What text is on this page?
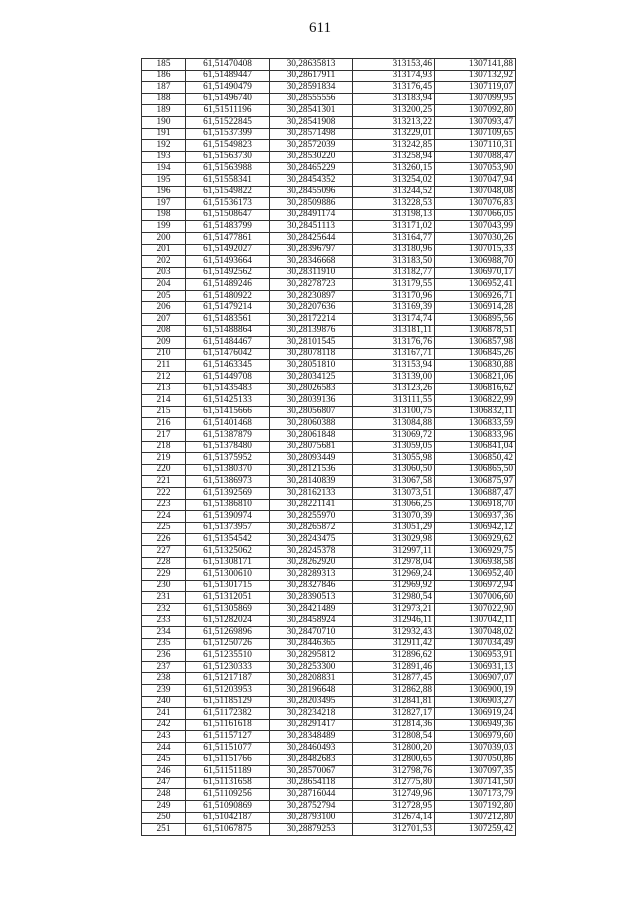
611
185	61,51470408	30,28635813	313153,46	1307141,88
186	61,51489447	30,28617911	313174,93	1307132,92
187	61,51490479	30,28591834	313176,45	1307119,07
188	61,51496740	30,28555556	313183,94	1307099,95
189	61,51511196	30,28541301	313200,25	1307092,80
190	61,51522845	30,28541908	313213,22	1307093,47
191	61,51537399	30,28571498	313229,01	1307109,65
192	61,51549823	30,28572039	313242,85	1307110,31
193	61,51563730	30,28530220	313258,94	1307088,47
194	61,51563988	30,28465229	313260,15	1307053,90
195	61,51558341	30,28454352	313254,02	1307047,94
196	61,51549822	30,28455096	313244,52	1307048,08
197	61,51536173	30,28509886	313228,53	1307076,83
198	61,51508647	30,28491174	313198,13	1307066,05
199	61,51483799	30,28451113	313171,02	1307043,99
200	61,51477861	30,28425644	313164,77	1307030,26
201	61,51492027	30,28396797	313180,96	1307015,33
202	61,51493664	30,28346668	313183,50	1306988,70
203	61,51492562	30,28311910	313182,77	1306970,17
204	61,51489246	30,28278723	313179,55	1306952,41
205	61,51480922	30,28230897	313170,96	1306926,71
206	61,51479214	30,28207636	313169,39	1306914,28
207	61,51483561	30,28172214	313174,74	1306895,56
208	61,51488864	30,28139876	313181,11	1306878,51
209	61,51484467	30,28101545	313176,76	1306857,98
210	61,51476042	30,28078118	313167,71	1306845,26
211	61,51463345	30,28051810	313153,94	1306830,88
212	61,51449708	30,28034125	313139,00	1306821,06
213	61,51435483	30,28026583	313123,26	1306816,62
214	61,51425133	30,28039136	313111,55	1306822,99
215	61,51415666	30,28056807	313100,75	1306832,11
216	61,51401468	30,28060388	313084,88	1306833,59
217	61,51387879	30,28061848	313069,72	1306833,96
218	61,51378480	30,28075681	313059,05	1306841,04
219	61,51375952	30,28093449	313055,98	1306850,42
220	61,51380370	30,28121536	313060,50	1306865,50
221	61,51386973	30,28140839	313067,58	1306875,97
222	61,51392569	30,28162133	313073,51	1306887,47
223	61,51386810	30,28221141	313066,25	1306918,70
224	61,51390974	30,28255970	313070,39	1306937,36
225	61,51373957	30,28265872	313051,29	1306942,12
226	61,51354542	30,28243475	313029,98	1306929,62
227	61,51325062	30,28245378	312997,11	1306929,75
228	61,51308171	30,28262920	312978,04	1306938,58
229	61,51300610	30,28289313	312969,24	1306952,40
230	61,51301715	30,28327846	312969,92	1306972,94
231	61,51312051	30,28390513	312980,54	1307006,60
232	61,51305869	30,28421489	312973,21	1307022,90
233	61,51282024	30,28458924	312946,11	1307042,11
234	61,51269896	30,28470710	312932,43	1307048,02
235	61,51250726	30,28446365	312911,42	1307034,49
236	61,51235510	30,28295812	312896,62	1306953,91
237	61,51230333	30,28253300	312891,46	1306931,13
238	61,51217187	30,28208831	312877,45	1306907,07
239	61,51203953	30,28196648	312862,88	1306900,19
240	61,51185129	30,28203495	312841,81	1306903,27
241	61,51172382	30,28234218	312827,17	1306919,24
242	61,51161618	30,28291417	312814,36	1306949,36
243	61,51157127	30,28348489	312808,54	1306979,60
244	61,51151077	30,28460493	312800,20	1307039,03
245	61,51151766	30,28482683	312800,65	1307050,86
246	61,51151189	30,28570067	312798,76	1307097,35
247	61,51131658	30,28654118	312775,80	1307141,50
248	61,51109256	30,28716044	312749,96	1307173,79
249	61,51090869	30,28752794	312728,95	1307192,80
250	61,51042187	30,28793100	312674,14	1307212,80
251	61,51067875	30,28879253	312701,53	1307259,42
